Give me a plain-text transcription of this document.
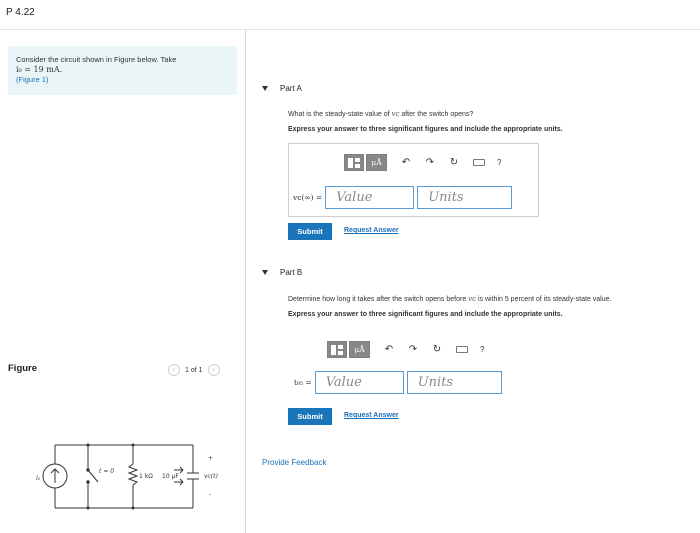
P 4.22
Consider the circuit shown in Figure below. Take
i₀ = 19 mA.
(Figure 1)
Figure	‹	1 of 1	›
i₀
t = 0
vᴄ(t)
1 kΩ 10 μF
+
-
Part A
What is the steady-state value of vᴄ after the switch opens?
Express your answer to three significant figures and include the appropriate units.
μÅ	↶ ↷ ↻	?
vᴄ(∞) =	Value	Units
Submit	Request Answer
Part B
Determine how long it takes after the switch opens before vᴄ is within 5 percent of its steady-state value.
Express your answer to three significant figures and include the appropriate units.
μÅ	↶ ↷ ↻	?
t₉₅ =	Value	Units
Submit	Request Answer
Provide Feedback
